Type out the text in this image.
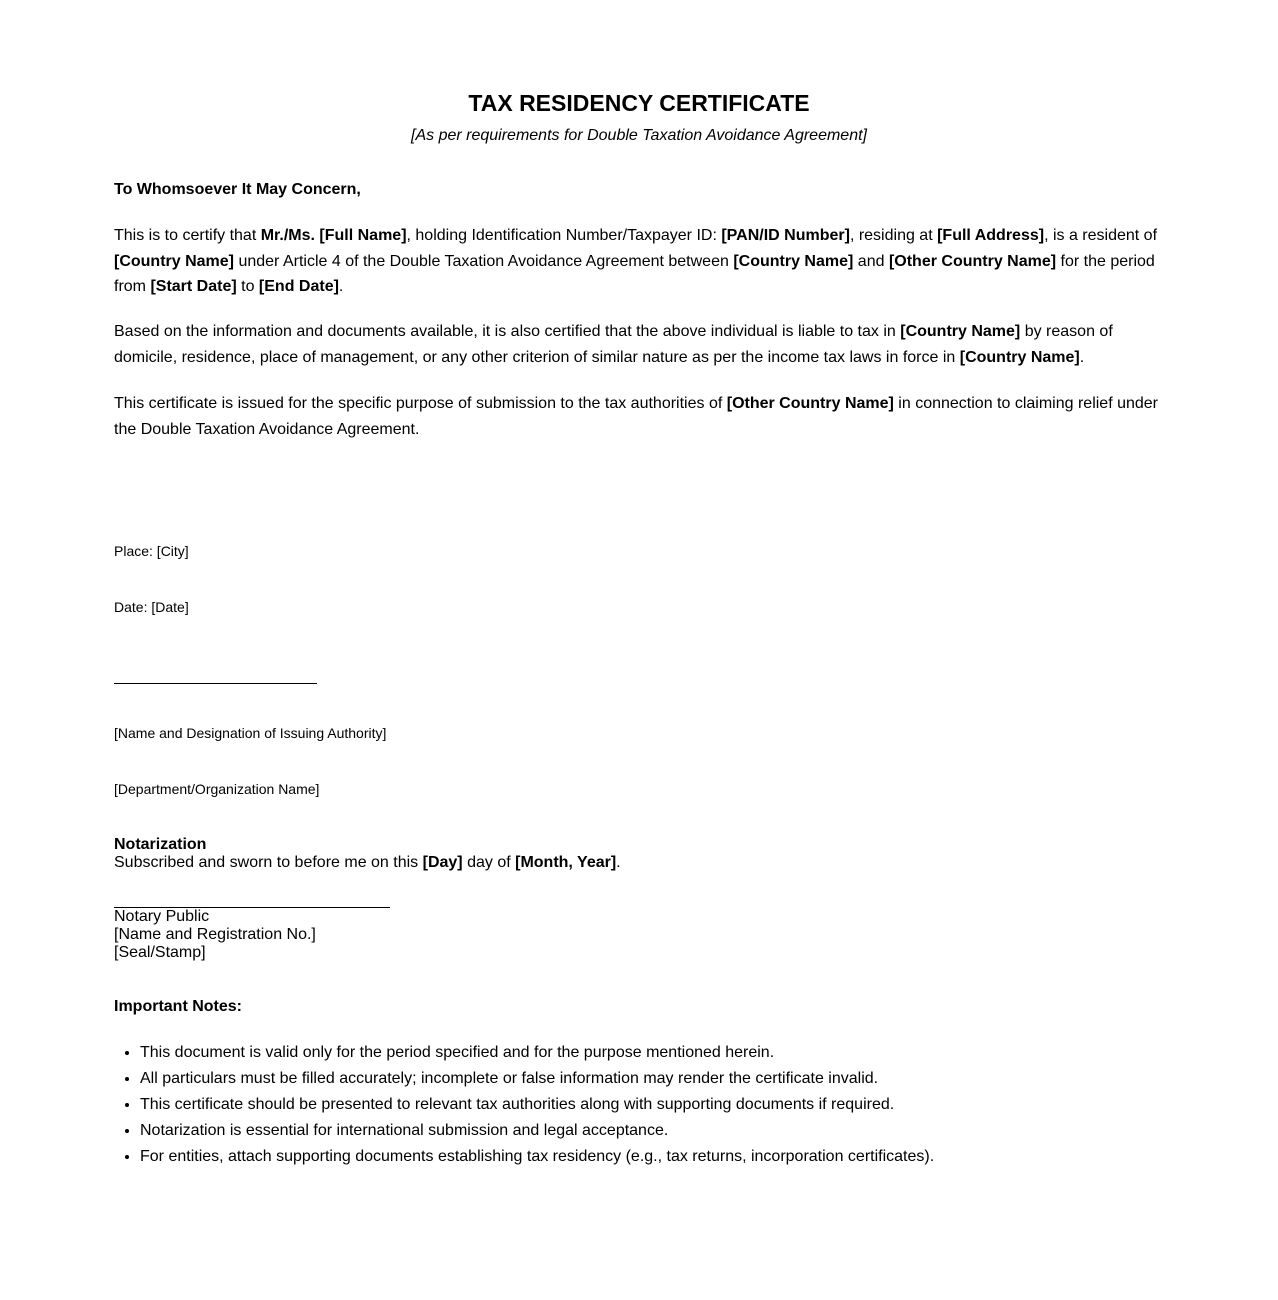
TAX RESIDENCY CERTIFICATE

[As per requirements for Double Taxation Avoidance Agreement]

To Whomsoever It May Concern,

This is to certify that Mr./Ms. [Full Name], holding Identification Number/Taxpayer ID: [PAN/ID Number], residing at [Full Address], is a resident of [Country Name] under Article 4 of the Double Taxation Avoidance Agreement between [Country Name] and [Other Country Name] for the period from [Start Date] to [End Date].

Based on the information and documents available, it is also certified that the above individual is liable to tax in [Country Name] by reason of domicile, residence, place of management, or any other criterion of similar nature as per the income tax laws in force in [Country Name].

This certificate is issued for the specific purpose of submission to the tax authorities of [Other Country Name] in connection to claiming relief under the Double Taxation Avoidance Agreement.

Place: [City]

Date: [Date]

[Name and Designation of Issuing Authority]

[Department/Organization Name]

Notarization

Subscribed and sworn to before me on this [Day] day of [Month, Year].

Notary Public

[Name and Registration No.]

[Seal/Stamp]

Important Notes:

• This document is valid only for the period specified and for the purpose mentioned herein.
• All particulars must be filled accurately; incomplete or false information may render the certificate invalid.
• This certificate should be presented to relevant tax authorities along with supporting documents if required.
• Notarization is essential for international submission and legal acceptance.
• For entities, attach supporting documents establishing tax residency (e.g., tax returns, incorporation certificates).
